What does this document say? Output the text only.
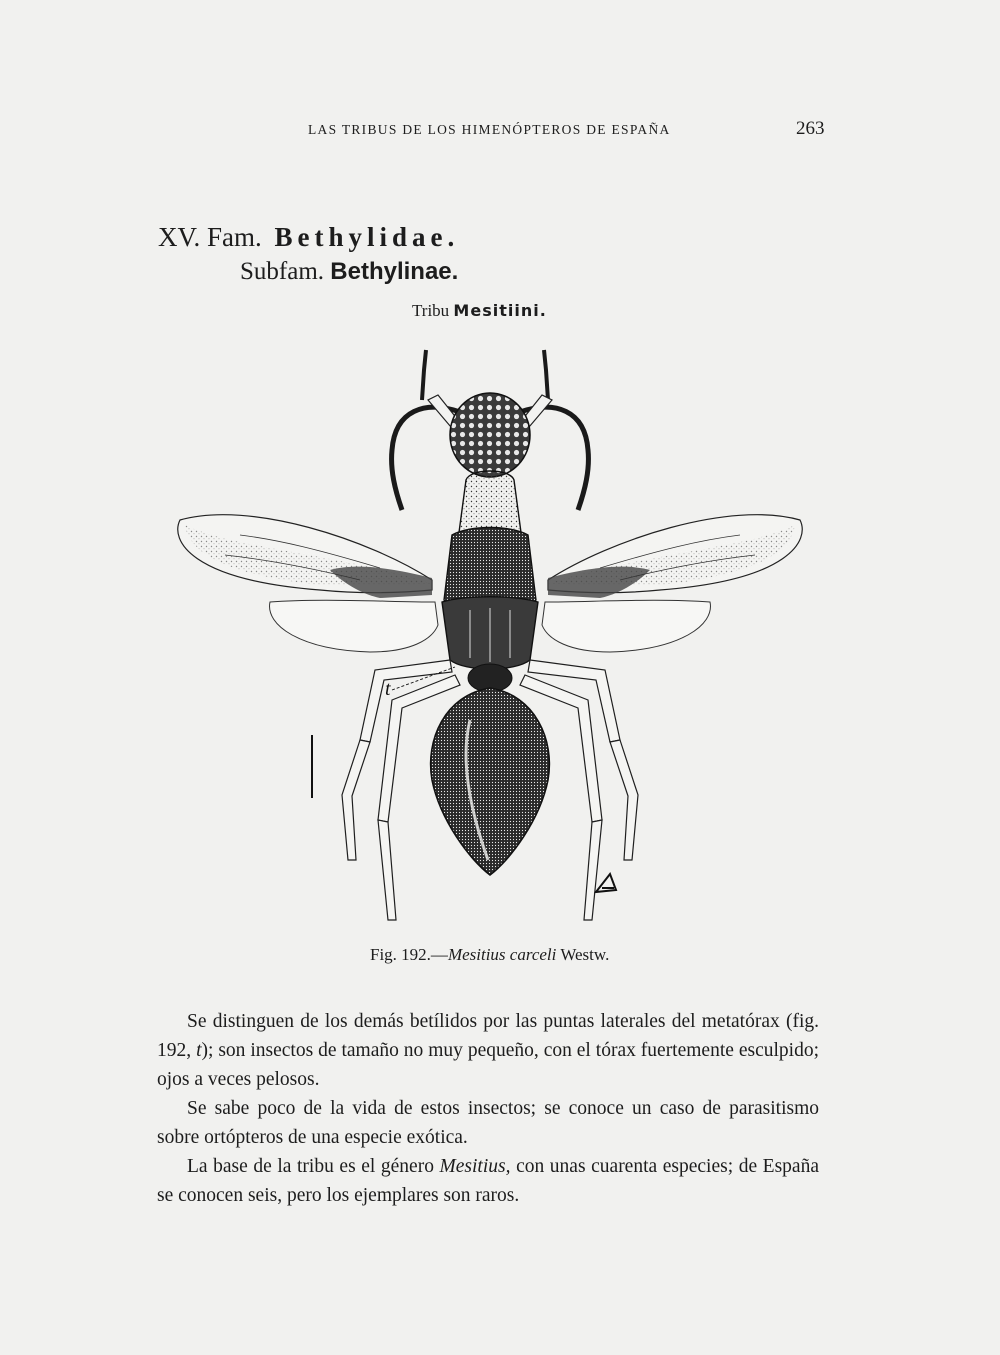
LAS TRIBUS DE LOS HIMENÓPTEROS DE ESPAÑA	263
XV. Fam. Bethylidae.
Subfam. Bethylinae.
Tribu Mesitiini.
t
Fig. 192.—Mesitius carceli Westw.

Se distinguen de los demás betílidos por las puntas laterales del metatórax (fig. 192, t); son insectos de tamaño no muy pequeño, con el tórax fuertemente esculpido; ojos a veces pelosos.

Se sabe poco de la vida de estos insectos; se conoce un caso de parasitismo sobre ortópteros de una especie exótica.

La base de la tribu es el género Mesitius, con unas cuarenta especies; de España se conocen seis, pero los ejemplares son raros.
